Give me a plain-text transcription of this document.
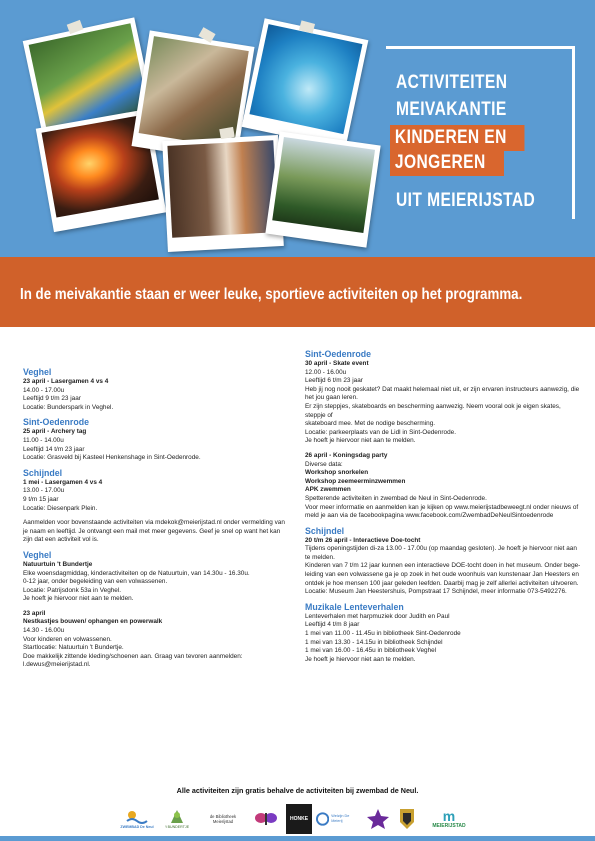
ACTIVITEITEN
MEIVAKANTIE
KINDEREN EN
JONGEREN
UIT MEIERIJSTAD
In de meivakantie staan er weer leuke, sportieve activiteiten op het programma.
Veghel

23 april - Lasergamen 4 vs 4

14.00 - 17.00u

Leeftijd 9 t/m 23 jaar

Locatie: Bunderspark in Veghel.

Sint-Oedenrode

25 april - Archery tag

11.00 - 14.00u

Leeftijd 14 t/m 23 jaar

Locatie: Grasveld bij Kasteel Henkenshage in Sint-Oedenrode.

Schijndel

1 mei - Lasergamen 4 vs 4

13.00 - 17.00u

9 t/m 15 jaar

Locatie: Diesenpark Plein.

Aanmelden voor bovenstaande activiteiten via mdekok@meierijstad.nl onder vermelding van

je naam en leeftijd. Je ontvangt een mail met meer gegevens. Geef je snel op want het kan

zijn dat een activiteit vol is.

Veghel

Natuurtuin 't Bundertje

Elke woensdagmiddag, kinderactiviteiten op de Natuurtuin, van 14.30u - 16.30u.

0-12 jaar, onder begeleiding van een volwassenen.

Locatie: Patrijsdonk 53a in Veghel.

Je hoeft je hiervoor niet aan te melden.

23 april

Nestkastjes bouwen/ ophangen en powerwalk

14.30 - 16.00u

Voor kinderen en volwassenen.

Startlocatie: Natuurtuin 't Bundertje.

Doe makkelijk zittende kleding/schoenen aan. Graag van tevoren aanmelden:

l.dewus@meierijstad.nl.

Sint-Oedenrode

30 april - Skate event

12.00 - 16.00u

Leeftijd 6 t/m 23 jaar

Heb jij nog nooit geskatet? Dat maakt helemaal niet uit, er zijn ervaren instructeurs aanwezig, die

het jou gaan leren.

Er zijn steppjes, skateboards en bescherming aanwezig. Neem vooral ook je eigen skates, steppje of

skateboard mee. Met de nodige bescherming.

Locatie: parkeerplaats van de Lidl in Sint-Oedenrode.

Je hoeft je hiervoor niet aan te melden.

26 april - Koningsdag party

Diverse data:

Workshop snorkelen

Workshop zeemeerminzwemmen

APK zwemmen

Spetterende activiteiten in zwembad de Neul in Sint-Oedenrode.

Voor meer informatie en aanmelden kan je kijken op www.meierijstadbeweegt.nl onder nieuws of

meld je aan via de facebookpagina www.facebook.com/ZwembadDeNeulSintoedenrode

Schijndel

20 t/m 26 april - Interactieve Doe-tocht

Tijdens openingstijden di-za 13.00 - 17.00u (op maandag gesloten). Je hoeft je hiervoor niet aan

te melden.

Kinderen van 7 t/m 12 jaar kunnen een interactieve DOE-tocht doen in het museum. Onder bege-

leiding van een volwassene ga je op zoek in het oude woonhuis van kunstenaar Jan Heesters en

ontdek je hoe mensen 100 jaar geleden leefden. Daarbij mag je zelf allerlei activiteiten uitvoeren.

Locatie: Museum Jan Heestershuis, Pompstraat 17 Schijndel, meer informatie 073-5492276.

Muzikale Lenteverhalen

Lenteverhalen met harpmuziek door Judith en Paul

Leeftijd 4 t/m 8 jaar

1 mei van 11.00 - 11.45u in bibliotheek Sint-Oedenrode

1 mei van 13.30 - 14.15u in bibliotheek Schijndel

1 mei van 16.00 - 16.45u in bibliotheek Veghel

Je hoeft je hiervoor niet aan te melden.

Alle activiteiten zijn gratis behalve de activiteiten bij zwembad de Neul.
ZWEMBAD De Neul	't BUNDERTJE
de Bibliotheek Meierijstad	HONKE	Welzijn De Meierij	m
MEIERIJSTAD
